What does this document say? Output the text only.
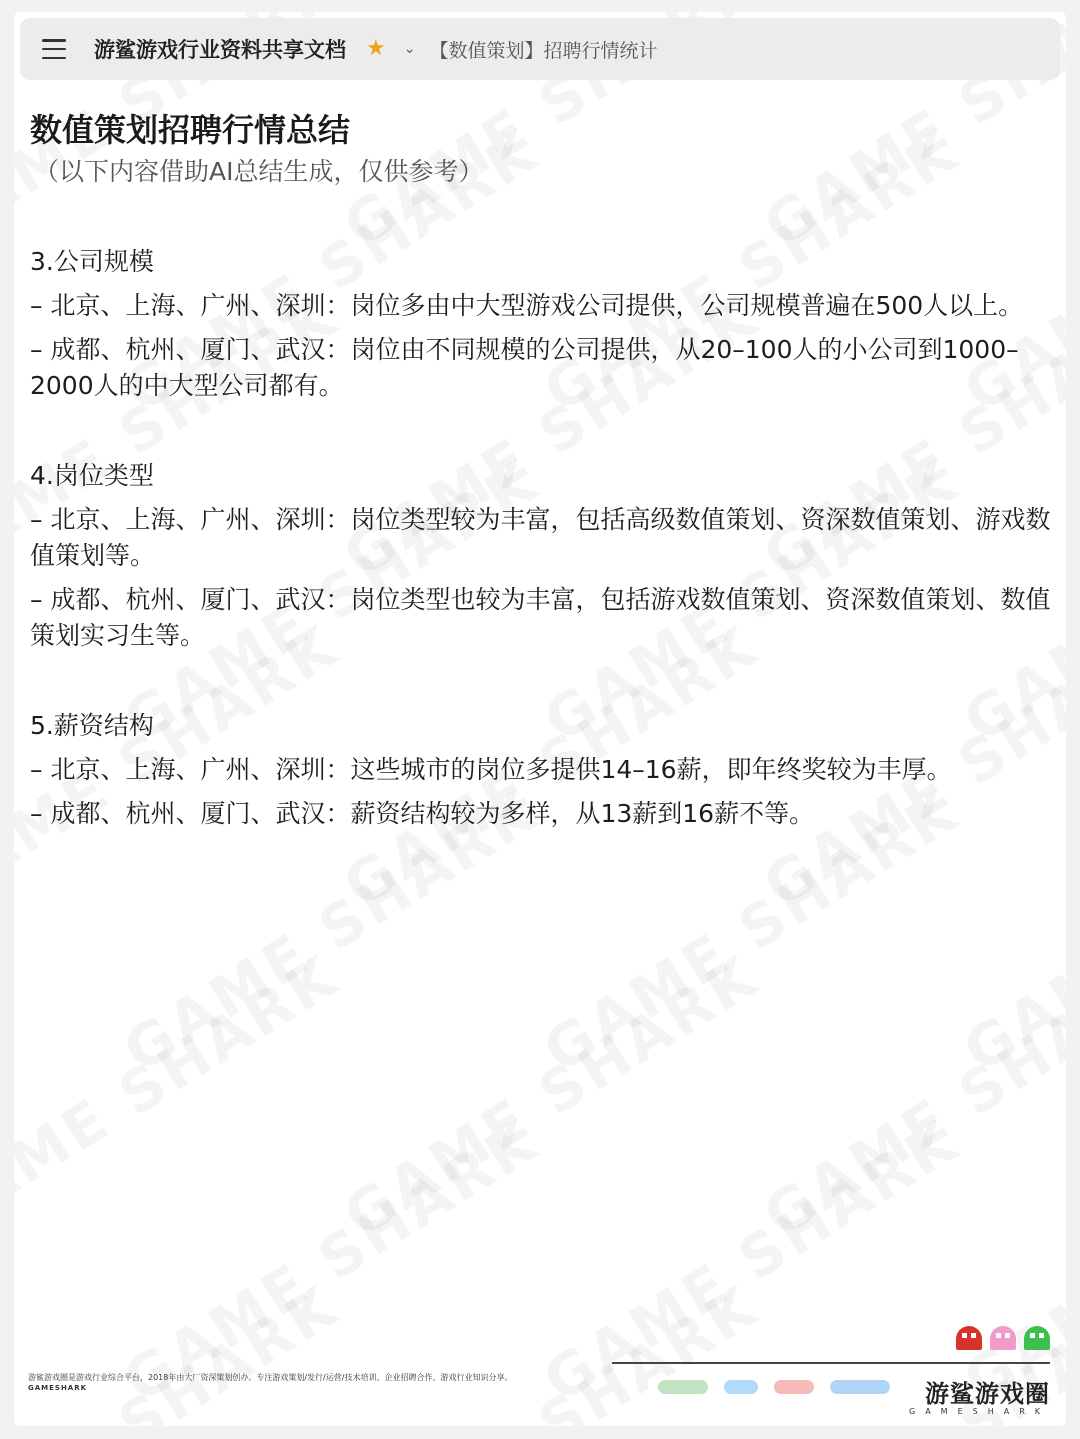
游鲨游戏行业资料共享文档 ★ ⌄ 【数值策划】招聘行情统计
数值策划招聘行情总结
（以下内容借助AI总结生成，仅供参考）
3.公司规模
– 北京、上海、广州、深圳：岗位多由中大型游戏公司提供，公司规模普遍在500人以上。
– 成都、杭州、厦门、武汉：岗位由不同规模的公司提供，从20–100人的小公司到1000–2000人的中大型公司都有。
4.岗位类型
– 北京、上海、广州、深圳：岗位类型较为丰富，包括高级数值策划、资深数值策划、游戏数值策划等。
– 成都、杭州、厦门、武汉：岗位类型也较为丰富，包括游戏数值策划、资深数值策划、数值策划实习生等。
5.薪资结构
– 北京、上海、广州、深圳：这些城市的岗位多提供14–16薪，即年终奖较为丰厚。
– 成都、杭州、厦门、武汉：薪资结构较为多样，从13薪到16薪不等。
游鲨游戏圈是游戏行业综合平台，2018年由大厂资深策划创办。专注游戏策划/发行/运营/技术培训、企业招聘合作、游戏行业知识分享。
GAMESHARK	游鲨游戏圈
GAMESHARK
